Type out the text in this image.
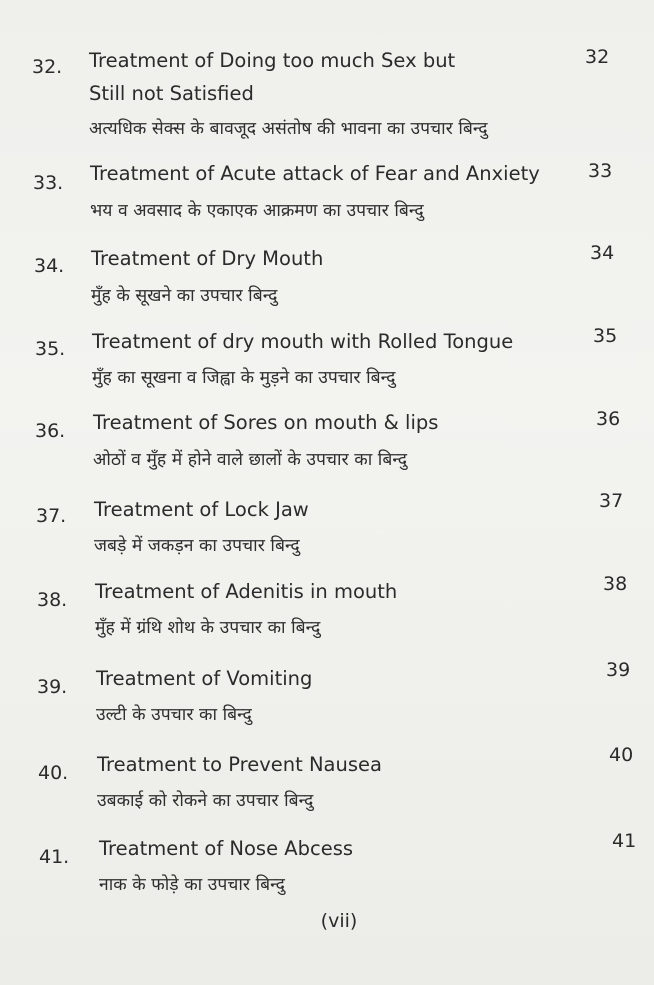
32. Treatment of Doing too much Sex but
Still not Satisfied
अत्यधिक सेक्स के बावजूद असंतोष की भावना का उपचार बिन्दु
32
33. Treatment of Acute attack of Fear and Anxiety
भय व अवसाद के एकाएक आक्रमण का उपचार बिन्दु
33
34. Treatment of Dry Mouth
मुँह के सूखने का उपचार बिन्दु
34
35. Treatment of dry mouth with Rolled Tongue
मुँह का सूखना व जिह्वा के मुड़ने का उपचार बिन्दु
35
36. Treatment of Sores on mouth & lips
ओठों व मुँह में होने वाले छालों के उपचार का बिन्दु
36
37. Treatment of Lock Jaw
जबड़े में जकड़न का उपचार बिन्दु
37
38. Treatment of Adenitis in mouth
मुँह में ग्रंथि शोथ के उपचार का बिन्दु
38
39. Treatment of Vomiting
उल्टी के उपचार का बिन्दु
39
40. Treatment to Prevent Nausea
उबकाई को रोकने का उपचार बिन्दु
40
41. Treatment of Nose Abcess
नाक के फोड़े का उपचार बिन्दु
41
(vii)
